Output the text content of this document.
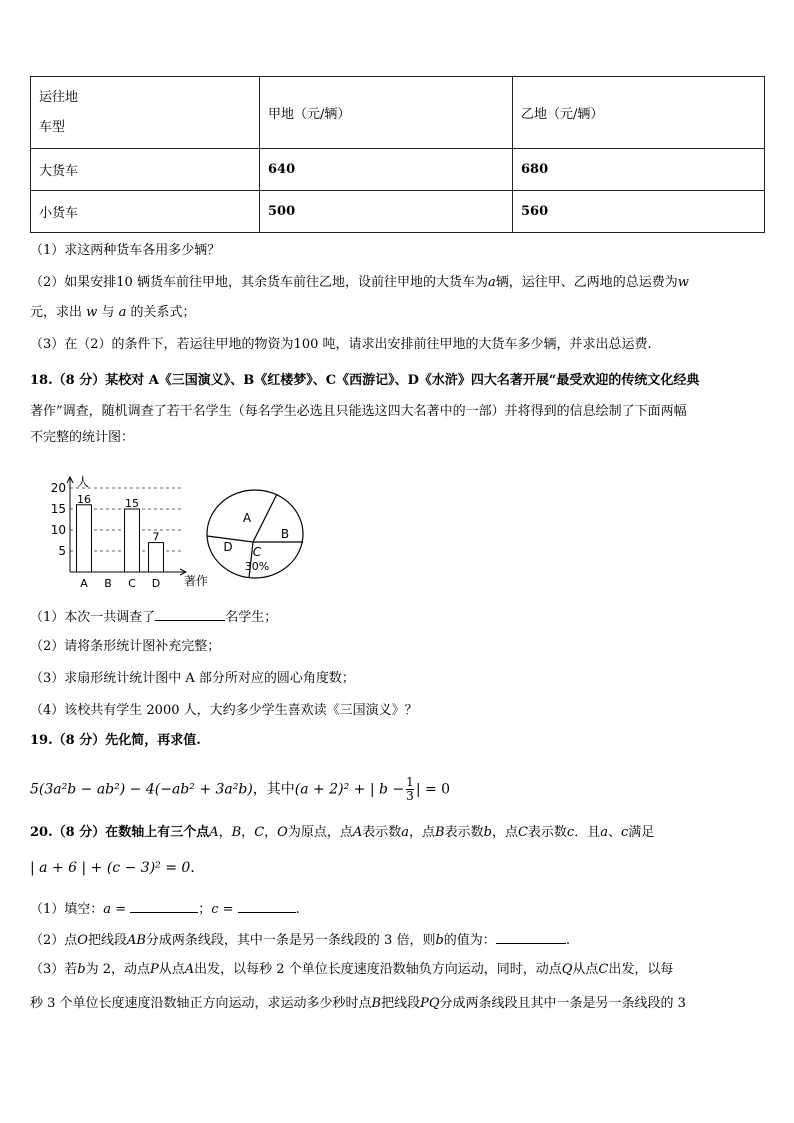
运往地
车型	甲地（元/辆）	乙地（元/辆）
大货车	640	680
小货车	500	560
（1）求这两种货车各用多少辆？
（2）如果安排10 辆货车前往甲地，其余货车前往乙地，设前往甲地的大货车为a辆，运往甲、乙两地的总运费为w
元，求出 w 与 a 的关系式；
（3）在（2）的条件下，若运往甲地的物资为100 吨，请求出安排前往甲地的大货车多少辆，并求出总运费.
18.（8 分）某校对 A《三国演义》、B《红楼梦》、C《西游记》、D《水浒》四大名著开展“最受欢迎的传统文化经典
著作”调查，随机调查了若干名学生（每名学生必选且只能选这四大名著中的一部）并将得到的信息绘制了下面两幅
不完整的统计图：
5
10
15
20 人
著作
A B C D
16	15
7
A
B
C
D
30%
（1）本次一共调查了	名学生；
（2）请将条形统计图补充完整；
（3）求扇形统计统计图中 A 部分所对应的圆心角度数；
（4）该校共有学生 2000 人，大约多少学生喜欢读《三国演义》？
19.（8 分）先化简，再求值.
5(3a²b − ab²) − 4(−ab² + 3a²b)，其中(a + 2)² + | $b - \frac{1}{3}$ | = 0
20.（8 分）在数轴上有三个点A，B，C，O为原点，点A表示数a，点B表示数b，点C表示数c．且a、c满足
| a + 6 | + (c − 3)² = 0．
（1）填空：a =	；c =	.
（2）点O把线段AB分成两条线段，其中一条是另一条线段的 3 倍，则b的值为：	.
（3）若b为 2，动点P从点A出发，以每秒 2 个单位长度速度沿数轴负方向运动，同时，动点Q从点C出发，以每
秒 3 个单位长度速度沿数轴正方向运动，求运动多少秒时点B把线段PQ分成两条线段且其中一条是另一条线段的 3
